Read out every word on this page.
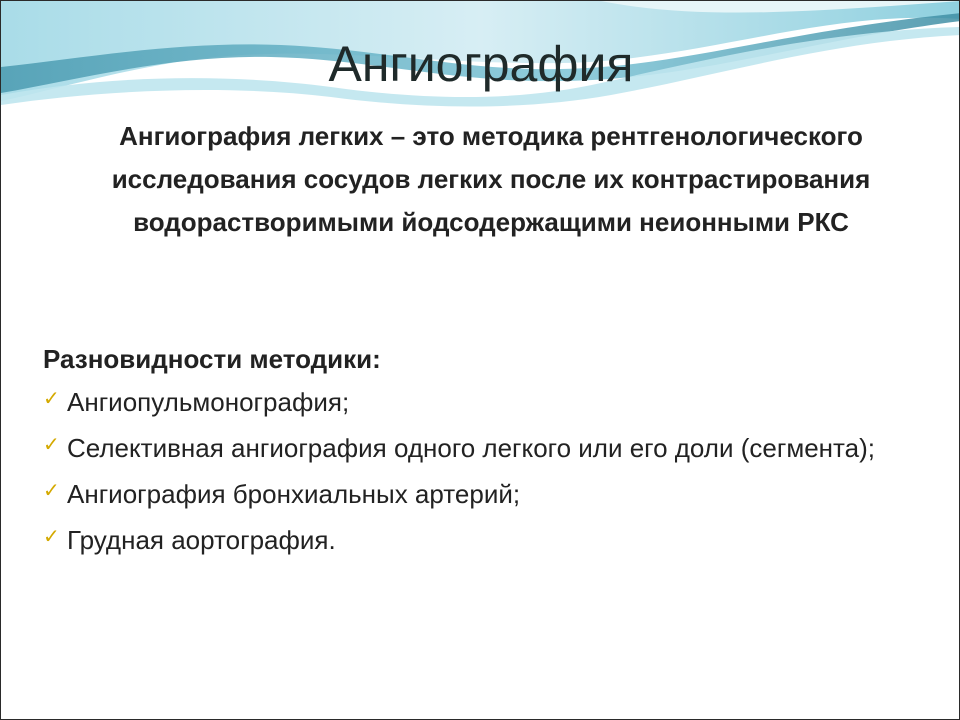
Ангиография
Ангиография легких – это методика рентгенологического исследования сосудов легких после их контрастирования водорастворимыми йодсодержащими неионными РКС
Разновидности методики:
✓ Ангиопульмонография;
✓ Селективная ангиография одного легкого или его доли (сегмента);
✓ Ангиография бронхиальных артерий;
✓ Грудная аортография.
